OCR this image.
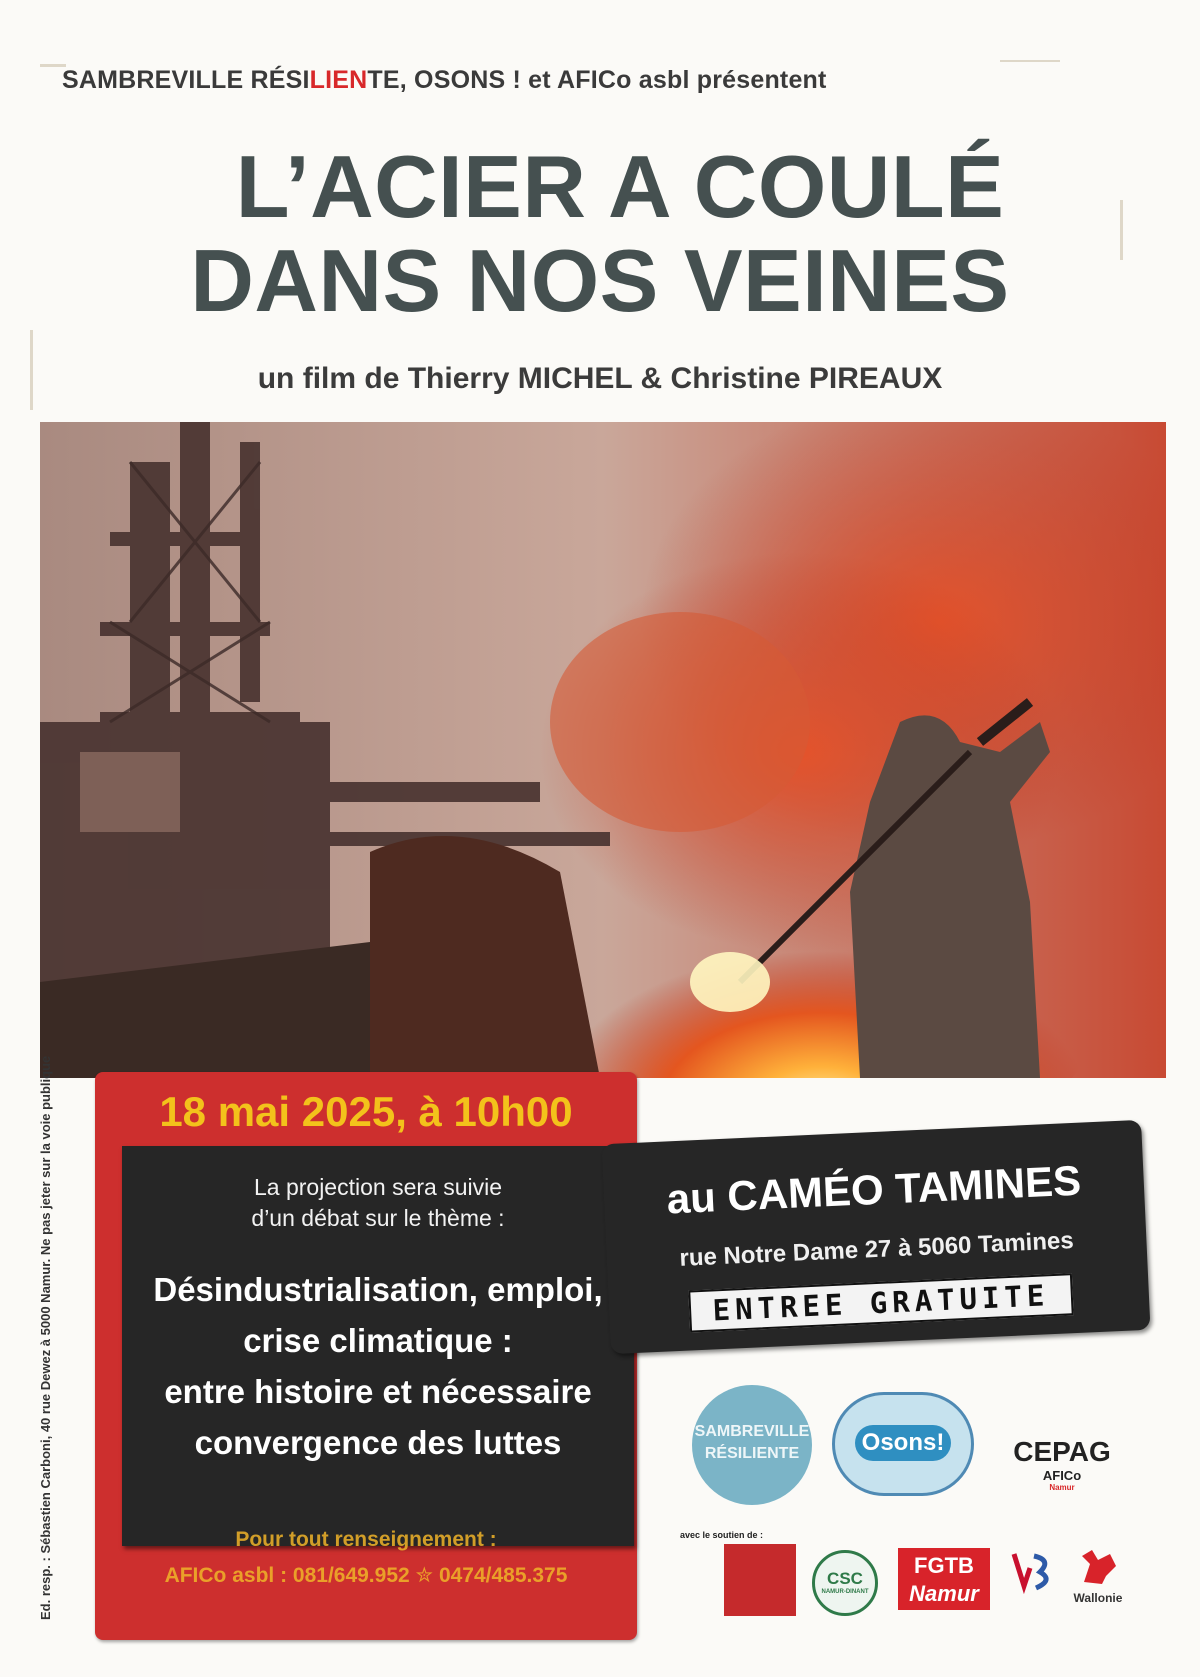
SAMBREVILLE RÉSILIENTE, OSONS ! et AFICo asbl présentent
L’ACIER A COULÉ
DANS NOS VEINES
un film de Thierry MICHEL & Christine PIREAUX
18 mai 2025, à 10h00
La projection sera suivie
d’un débat sur le thème :
Désindustrialisation, emploi,
crise climatique :
entre histoire et nécessaire
convergence des luttes
Pour tout renseignement :
AFICo asbl : 081/649.952 ✮ 0474/485.375
au CAMÉO TAMINES
rue Notre Dame 27 à 5060 Tamines
ENTREE GRATUITE
SAMBREVILLE
RÉSILIENTE	Osons!	CEPAG
AFICo
Namur
avec le soutien de :
CSC
NAMUR-DINANT
FGTB
Namur	Wallonie
Ed. resp. : Sébastien Carboni, 40 rue Dewez à 5000 Namur. Ne pas jeter sur la voie publique
